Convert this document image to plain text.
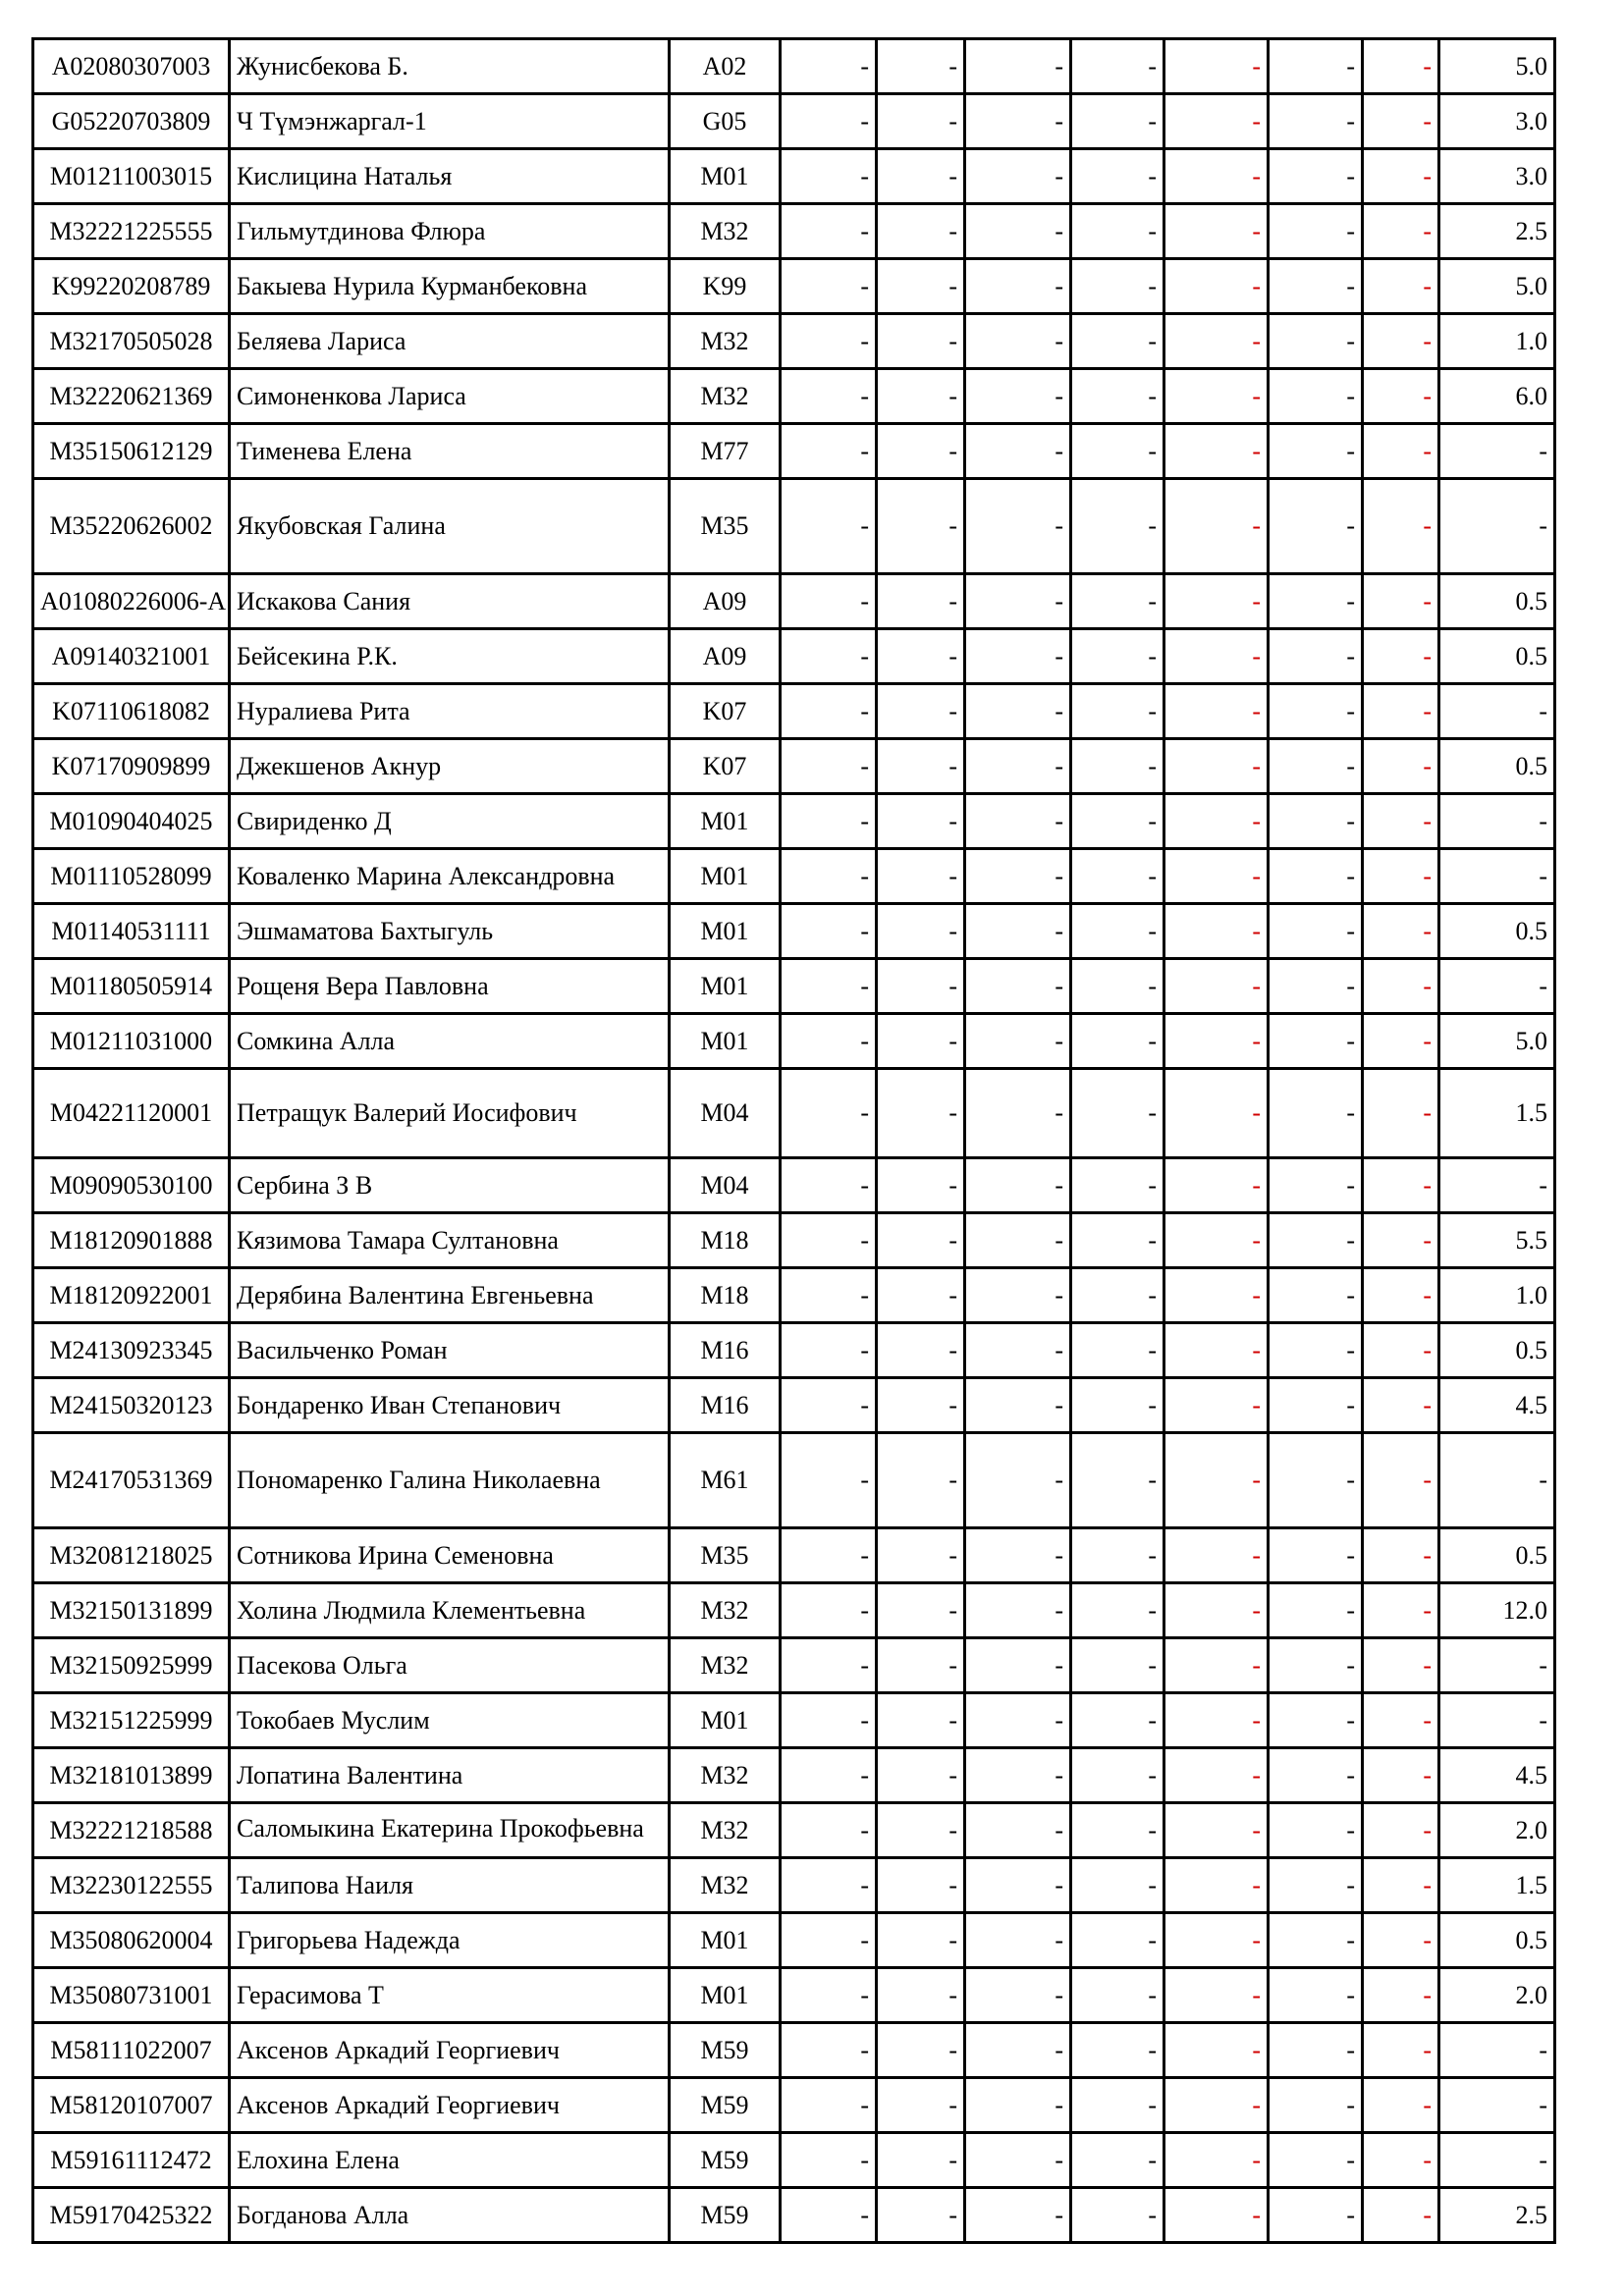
A02080307003	Жунисбекова Б.	A02	-	-	-	-	-	-	-	5.0
G05220703809	Ч Түмэнжаргал-1	G05	-	-	-	-	-	-	-	3.0
M01211003015	Кислицина Наталья	M01	-	-	-	-	-	-	-	3.0
M32221225555	Гильмутдинова Флюра	M32	-	-	-	-	-	-	-	2.5
K99220208789	Бакыева Нурила Курманбековна	K99	-	-	-	-	-	-	-	5.0
M32170505028	Беляева Лариса	M32	-	-	-	-	-	-	-	1.0
M32220621369	Симоненкова Лариса	M32	-	-	-	-	-	-	-	6.0
M35150612129	Тименева Елена	M77	-	-	-	-	-	-	-	-
M35220626002	Якубовская Галина	M35	-	-	-	-	-	-	-	-
A01080226006-A	Искакова Сания	A09	-	-	-	-	-	-	-	0.5
A09140321001	Бейсекина Р.К.	A09	-	-	-	-	-	-	-	0.5
K07110618082	Нуралиева Рита	K07	-	-	-	-	-	-	-	-
K07170909899	Джекшенов Акнур	K07	-	-	-	-	-	-	-	0.5
M01090404025	Свириденко Д	M01	-	-	-	-	-	-	-	-
M01110528099	Коваленко Марина Александровна	M01	-	-	-	-	-	-	-	-
M01140531111	Эшмаматова Бахтыгуль	M01	-	-	-	-	-	-	-	0.5
M01180505914	Рощеня Вера Павловна	M01	-	-	-	-	-	-	-	-
M01211031000	Сомкина Алла	M01	-	-	-	-	-	-	-	5.0
M04221120001	Петращук Валерий Иосифович	M04	-	-	-	-	-	-	-	1.5
M09090530100	Сербина З В	M04	-	-	-	-	-	-	-	-
M18120901888	Кязимова Тамара Султановна	M18	-	-	-	-	-	-	-	5.5
M18120922001	Дерябина Валентина Евгеньевна	M18	-	-	-	-	-	-	-	1.0
M24130923345	Васильченко Роман	M16	-	-	-	-	-	-	-	0.5
M24150320123	Бондаренко Иван Степанович	M16	-	-	-	-	-	-	-	4.5
M24170531369	Пономаренко Галина Николаевна	M61	-	-	-	-	-	-	-	-
M32081218025	Сотникова Ирина Семеновна	M35	-	-	-	-	-	-	-	0.5
M32150131899	Холина Людмила Клементьевна	M32	-	-	-	-	-	-	-	12.0
M32150925999	Пасекова Ольга	M32	-	-	-	-	-	-	-	-
M32151225999	Токобаев Муслим	M01	-	-	-	-	-	-	-	-
M32181013899	Лопатина Валентина	M32	-	-	-	-	-	-	-	4.5
M32221218588	Саломыкина Екатерина Прокофьевна	M32	-	-	-	-	-	-	-	2.0
M32230122555	Талипова Наиля	M32	-	-	-	-	-	-	-	1.5
M35080620004	Григорьева Надежда	M01	-	-	-	-	-	-	-	0.5
M35080731001	Герасимова Т	M01	-	-	-	-	-	-	-	2.0
M58111022007	Аксенов Аркадий Георгиевич	M59	-	-	-	-	-	-	-	-
M58120107007	Аксенов Аркадий Георгиевич	M59	-	-	-	-	-	-	-	-
M59161112472	Елохина Елена	M59	-	-	-	-	-	-	-	-
M59170425322	Богданова Алла	M59	-	-	-	-	-	-	-	2.5
